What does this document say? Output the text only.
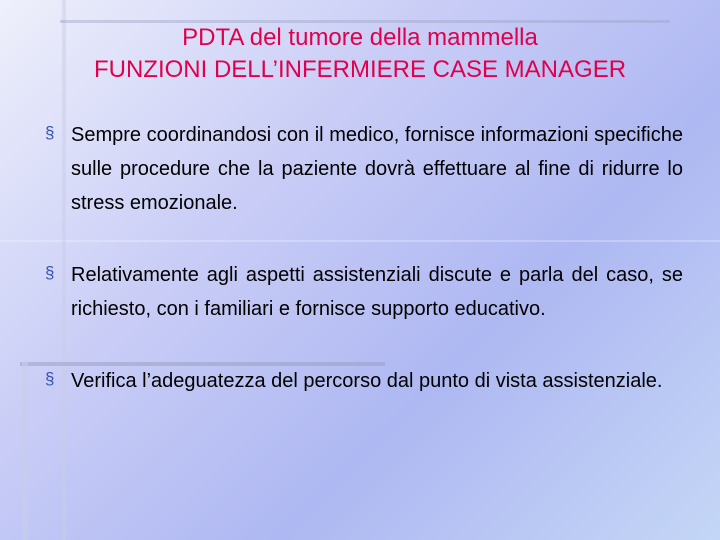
PDTA del tumore della mammella
FUNZIONI DELL’INFERMIERE CASE MANAGER
§ Sempre coordinandosi con il medico, fornisce informazioni specifiche sulle procedure che la paziente dovrà effettuare al fine di ridurre lo stress emozionale.
§ Relativamente agli aspetti assistenziali discute e parla del caso, se richiesto, con i familiari e fornisce supporto educativo.
§ Verifica l’adeguatezza del percorso dal punto di vista assistenziale.
